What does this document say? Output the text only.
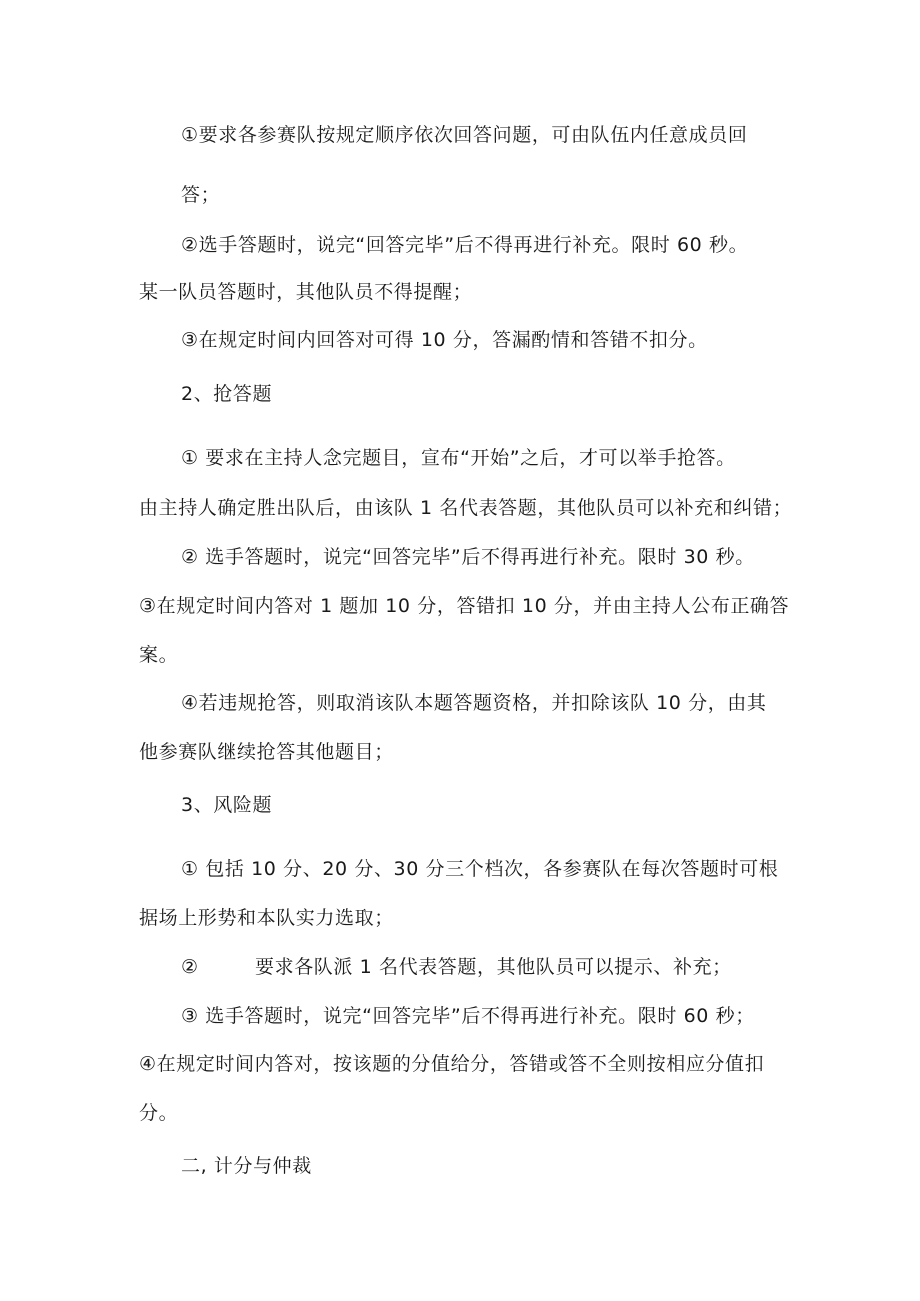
①要求各参赛队按规定顺序依次回答问题，可由队伍内任意成员回
答；
②选手答题时，说完“回答完毕”后不得再进行补充。限时 60 秒。
某一队员答题时，其他队员不得提醒；
③在规定时间内回答对可得 10 分，答漏酌情和答错不扣分。
2、抢答题
① 要求在主持人念完题目，宣布“开始”之后，才可以举手抢答。
由主持人确定胜出队后，由该队 1 名代表答题，其他队员可以补充和纠错；
② 选手答题时，说完“回答完毕”后不得再进行补充。限时 30 秒。
③在规定时间内答对 1 题加 10 分，答错扣 10 分，并由主持人公布正确答
案。
④若违规抢答，则取消该队本题答题资格，并扣除该队 10 分，由其
他参赛队继续抢答其他题目；
3、风险题
① 包括 10 分、20 分、30 分三个档次，各参赛队在每次答题时可根
据场上形势和本队实力选取；
②	要求各队派 1 名代表答题，其他队员可以提示、补充；
③ 选手答题时，说完“回答完毕”后不得再进行补充。限时 60 秒；
④在规定时间内答对，按该题的分值给分，答错或答不全则按相应分值扣
分。
二, 计分与仲裁
